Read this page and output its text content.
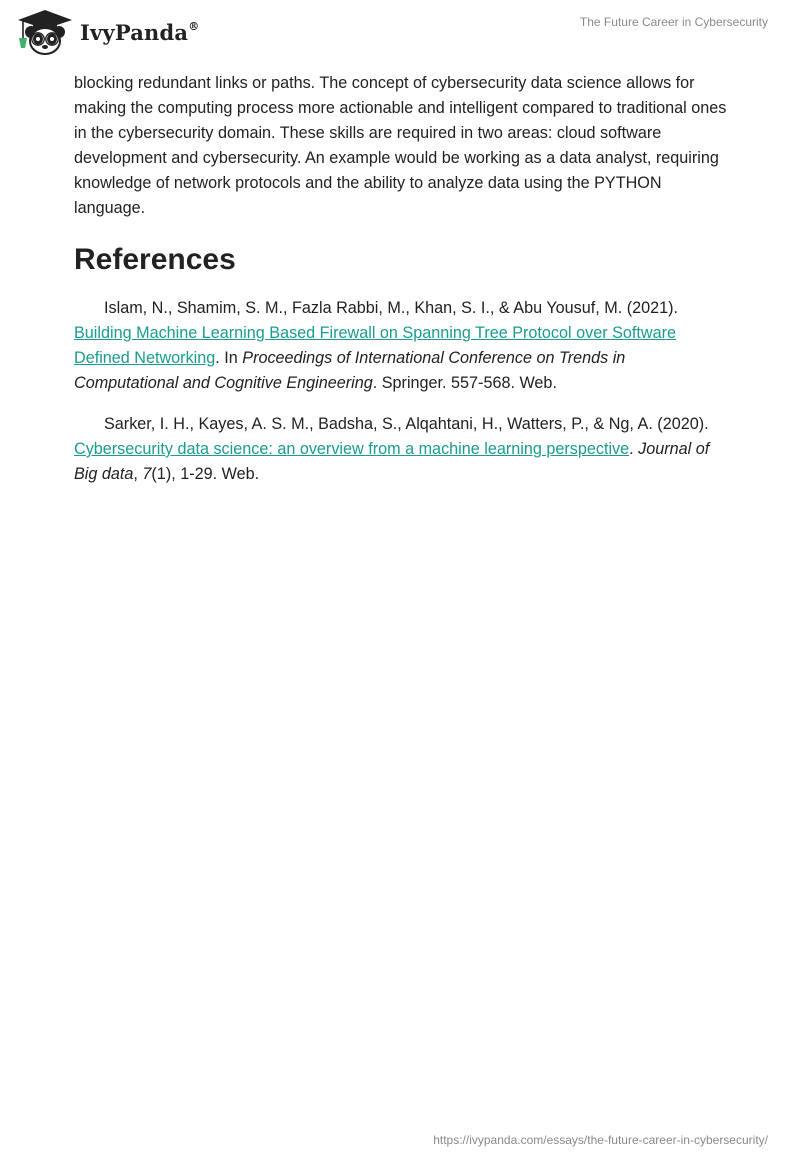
IvyPanda®	The Future Career in Cybersecurity

blocking redundant links or paths. The concept of cybersecurity data science allows for making the computing process more actionable and intelligent compared to traditional ones in the cybersecurity domain. These skills are required in two areas: cloud software development and cybersecurity. An example would be working as a data analyst, requiring knowledge of network protocols and the ability to analyze data using the PYTHON language.

References

Islam, N., Shamim, S. M., Fazla Rabbi, M., Khan, S. I., & Abu Yousuf, M. (2021). Building Machine Learning Based Firewall on Spanning Tree Protocol over Software Defined Networking. In Proceedings of International Conference on Trends in Computational and Cognitive Engineering. Springer. 557-568. Web.

Sarker, I. H., Kayes, A. S. M., Badsha, S., Alqahtani, H., Watters, P., & Ng, A. (2020). Cybersecurity data science: an overview from a machine learning perspective. Journal of Big data, 7(1), 1-29. Web.

https://ivypanda.com/essays/the-future-career-in-cybersecurity/
